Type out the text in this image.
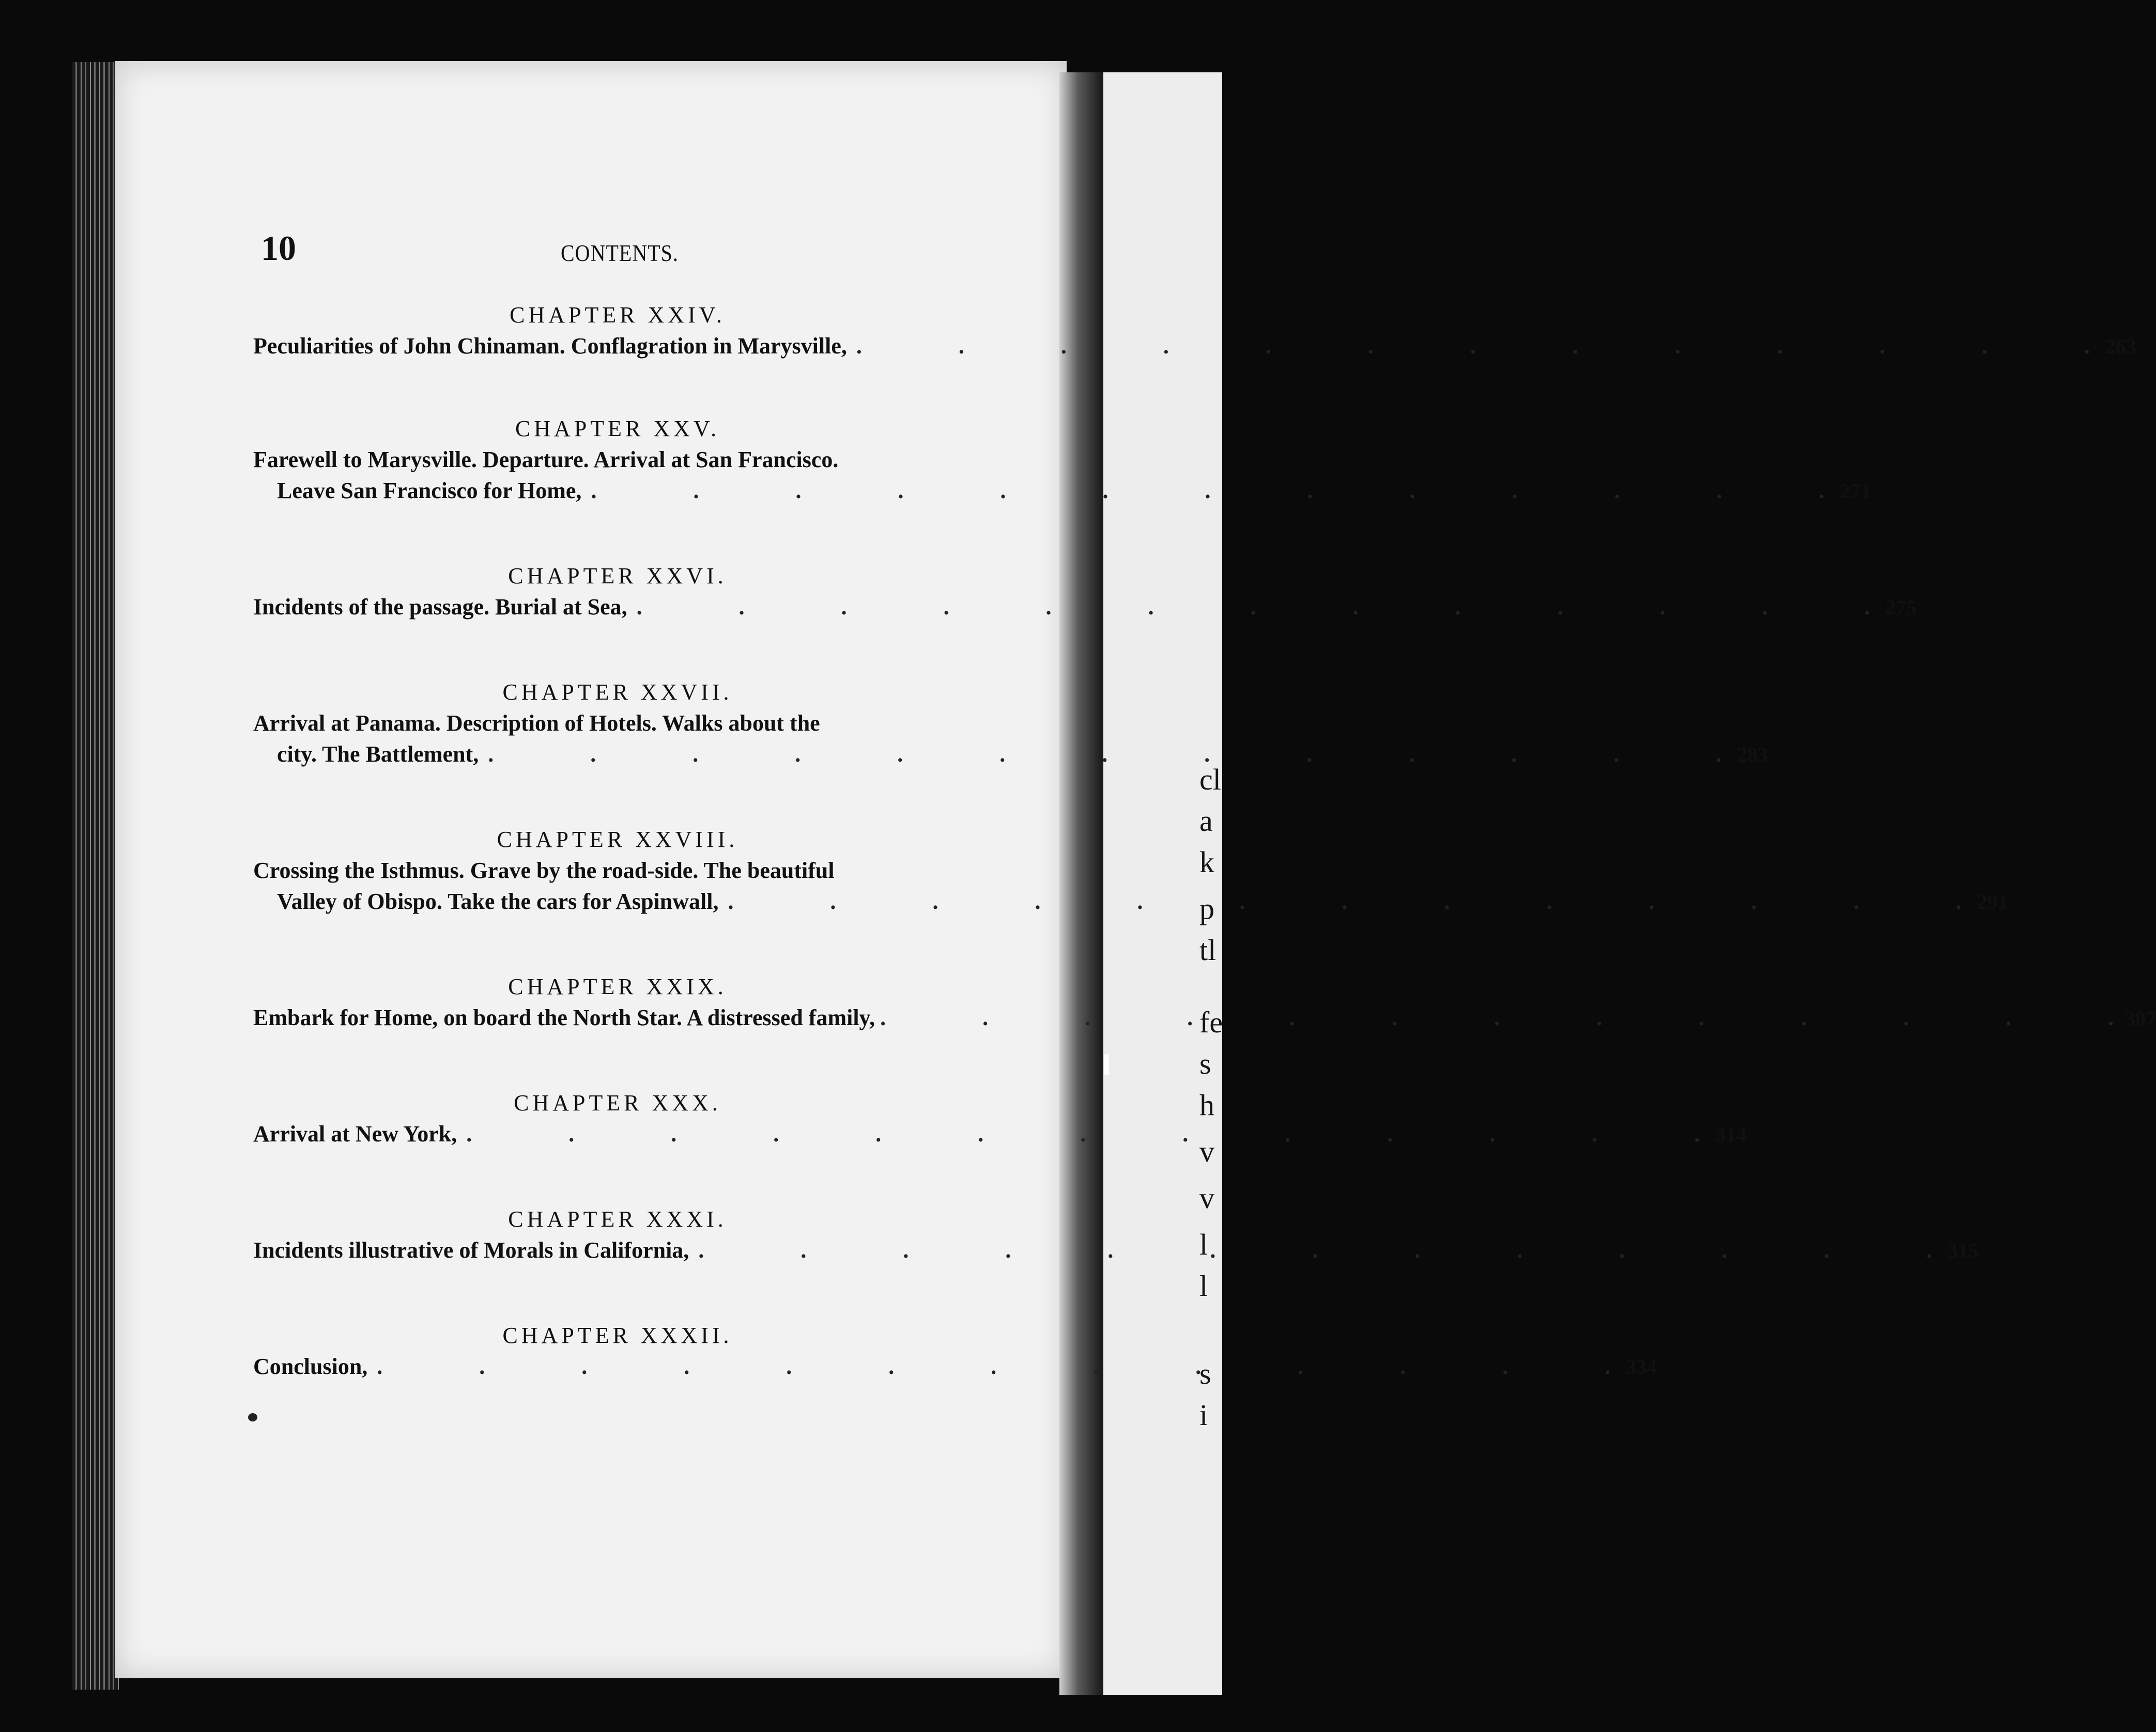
cl
a
k
p
tl
fe
s
h
v
v
l
l
s
i
10	CONTENTS.
CHAPTER XXIV.
Peculiarities of John Chinaman. Conflagration in Marysville, .	263
CHAPTER XXV.
Farewell to Marysville. Departure. Arrival at San Francisco.
Leave San Francisco for Home, .	271
CHAPTER XXVI.
Incidents of the passage. Burial at Sea, .	275
CHAPTER XXVII.
Arrival at Panama. Description of Hotels. Walks about the
city. The Battlement, .	283
CHAPTER XXVIII.
Crossing the Isthmus. Grave by the road-side. The beautiful
Valley of Obispo. Take the cars for Aspinwall, .	291
CHAPTER XXIX.
Embark for Home, on board the North Star. A distressed family, .	307
CHAPTER XXX.
Arrival at New York, .	314
CHAPTER XXXI.
Incidents illustrative of Morals in California, .	315
CHAPTER XXXII.
Conclusion, .	334
